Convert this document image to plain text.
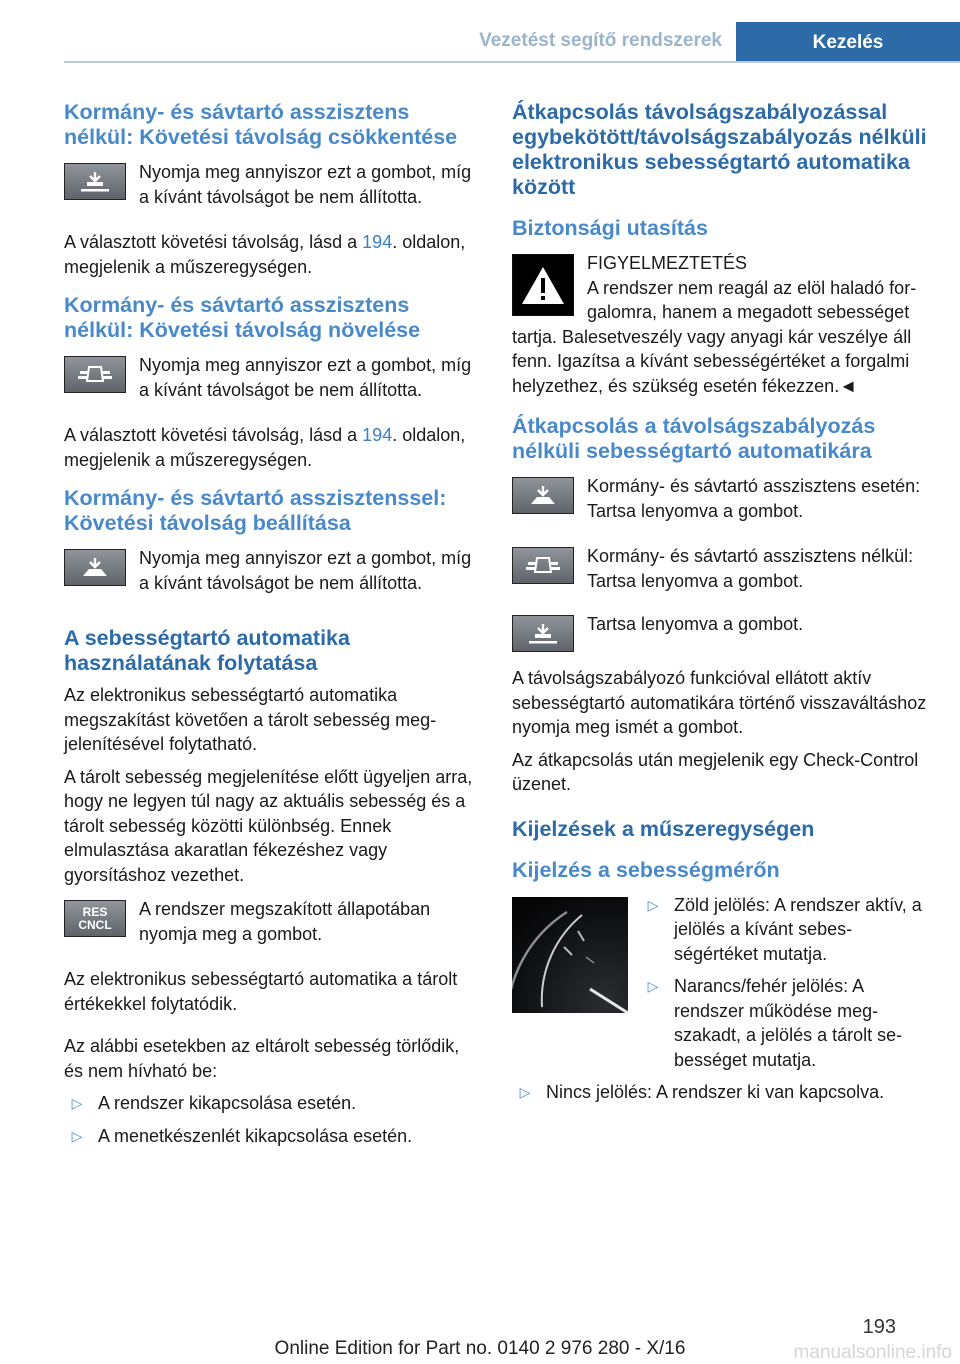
Vezetést segítő rendszerek	Kezelés
Kormány- és sávtartó asszisztens nélkül: Követési távolság csökkentése
Nyomja meg annyiszor ezt a gombot, míg a kívánt távolságot be nem állította.

A választott követési távolság, lásd a 194. oldalon, megjelenik a műszeregységen.

Kormány- és sávtartó asszisztens nélkül: Követési távolság növelése
Nyomja meg annyiszor ezt a gombot, míg a kívánt távolságot be nem állította.

A választott követési távolság, lásd a 194. oldalon, megjelenik a műszeregységen.

Kormány- és sávtartó asszisztenssel: Követési távolság beállítása
Nyomja meg annyiszor ezt a gombot, míg a kívánt távolságot be nem állította.
A sebességtartó automatika használatának folytatása

Az elektronikus sebességtartó automatika megszakítást követően a tárolt sebesség megjelenítésével folytatható.

A tárolt sebesség megjelenítése előtt ügyeljen arra, hogy ne legyen túl nagy az aktuális sebesség és a tárolt sebesség közötti különbség. Ennek elmulasztása akaratlan fékezéshez vagy gyorsításhoz vezethet.

RES
CNCL
A rendszer megszakított állapotában nyomja meg a gombot.

Az elektronikus sebességtartó automatika a tárolt értékekkel folytatódik.

Az alábbi esetekben az eltárolt sebesség törlődik, és nem hívható be:

▷ A rendszer kikapcsolása esetén.
▷ A menetkészenlét kikapcsolása esetén.
Átkapcsolás távolságszabályozással egybekötött/távolságszabályozás nélküli elektronikus sebességtartó automatika között
Biztonsági utasítás

FIGYELMEZTETÉS

A rendszer nem reagál az elöl haladó forgalomra, hanem a megadott sebességet tartja. Balesetveszély vagy anyagi kár veszélye áll fenn. Igazítsa a kívánt sebességértéket a forgalmi helyzethez, és szükség esetén fékezzen.◄

Átkapcsolás a távolságszabályozás nélküli sebességtartó automatikára
Kormány- és sávtartó asszisztens esetén: Tartsa lenyomva a gombot.
Kormány- és sávtartó asszisztens nélkül: Tartsa lenyomva a gombot.
Tartsa lenyomva a gombot.

A távolságszabályozó funkcióval ellátott aktív sebességtartó automatikára történő visszaváltáshoz nyomja meg ismét a gombot.

Az átkapcsolás után megjelenik egy Check-Control üzenet.

Kijelzések a műszeregységen
Kijelzés a sebességmérőn
▷ Zöld jelölés: A rendszer aktív, a jelölés a kívánt sebességértéket mutatja.
▷ Narancs/fehér jelölés: A rendszer működése megszakadt, a jelölés a tárolt sebességet mutatja.
▷ Nincs jelölés: A rendszer ki van kapcsolva.
193
Online Edition for Part no. 0140 2 976 280 - X/16	manualsonline.info
